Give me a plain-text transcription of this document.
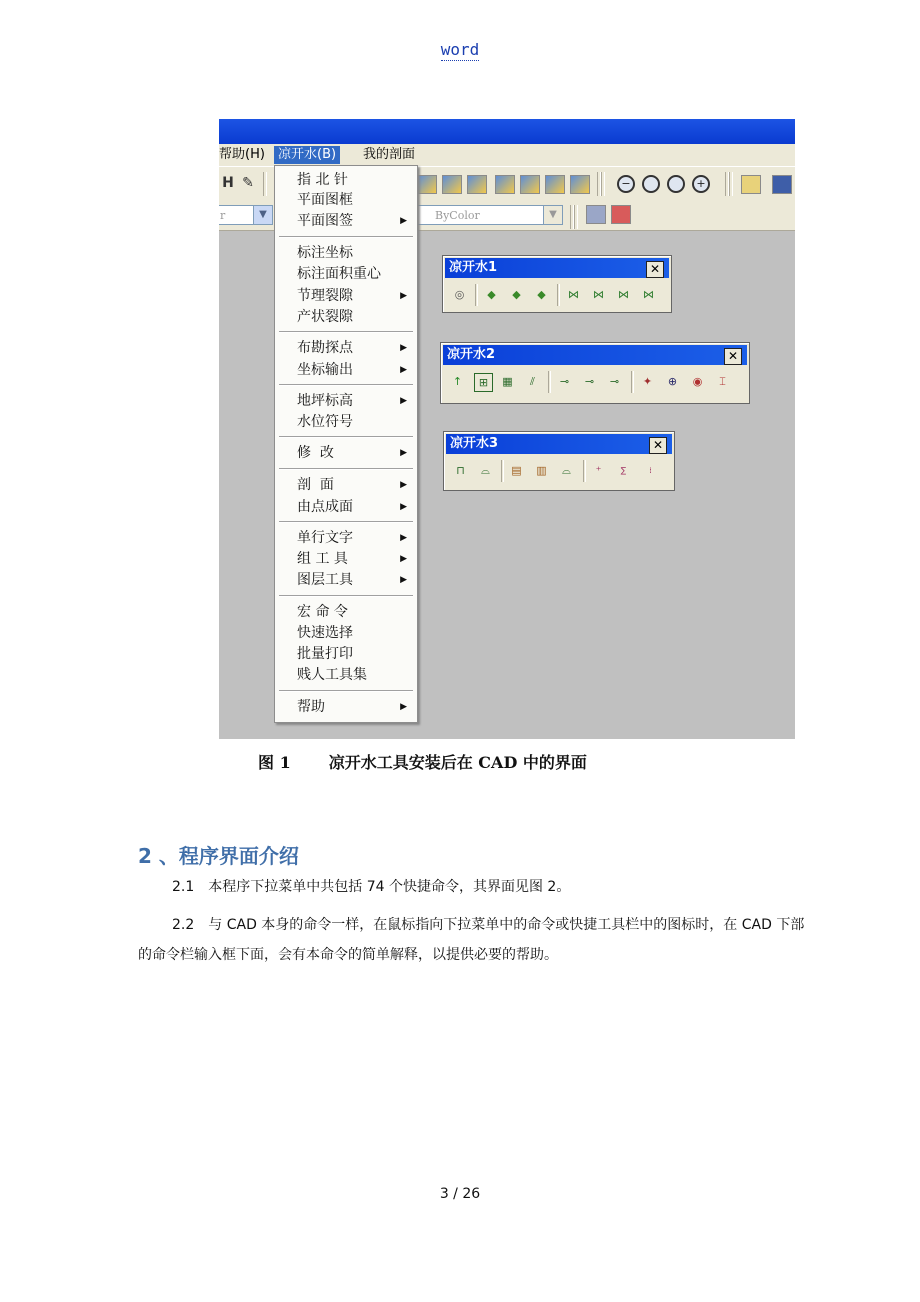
word
帮助(H)	凉开水(B)	我的剖面
H ✎	−	+
r	▼	ByColor	▼
凉开水1	✕
◎	◆	◆	◆	⋈ ⋈ ⋈ ⋈
凉开水2	✕
↑	⊞	▦	⫽	⊸	⊸	⊸	✦	⊕	◉	⌶
凉开水3	✕
⊓	⌓	▤ ▥	⌓	⁺	∑	⁞
指 北 针
平面图框
平面图签	▶
标注坐标
标注面积重心
节理裂隙	▶
产状裂隙
布勘探点	▶
坐标输出	▶
地坪标高	▶
水位符号
修  改	▶
剖  面	▶
由点成面	▶
单行文字	▶
组 工 具	▶
图层工具	▶
宏 命 令
快速选择
批量打印
贱人工具集
帮助	▶
图 1 凉开水工具安装后在 CAD 中的界面
2 、程序界面介绍
2.1 本程序下拉菜单中共包括 74 个快捷命令，其界面见图 2。
2.2 与 CAD 本身的命令一样，在鼠标指向下拉菜单中的命令或快捷工具栏中的图标时，在 CAD 下部的命令栏输入框下面，会有本命令的简单解释，以提供必要的帮助。
3 / 26
